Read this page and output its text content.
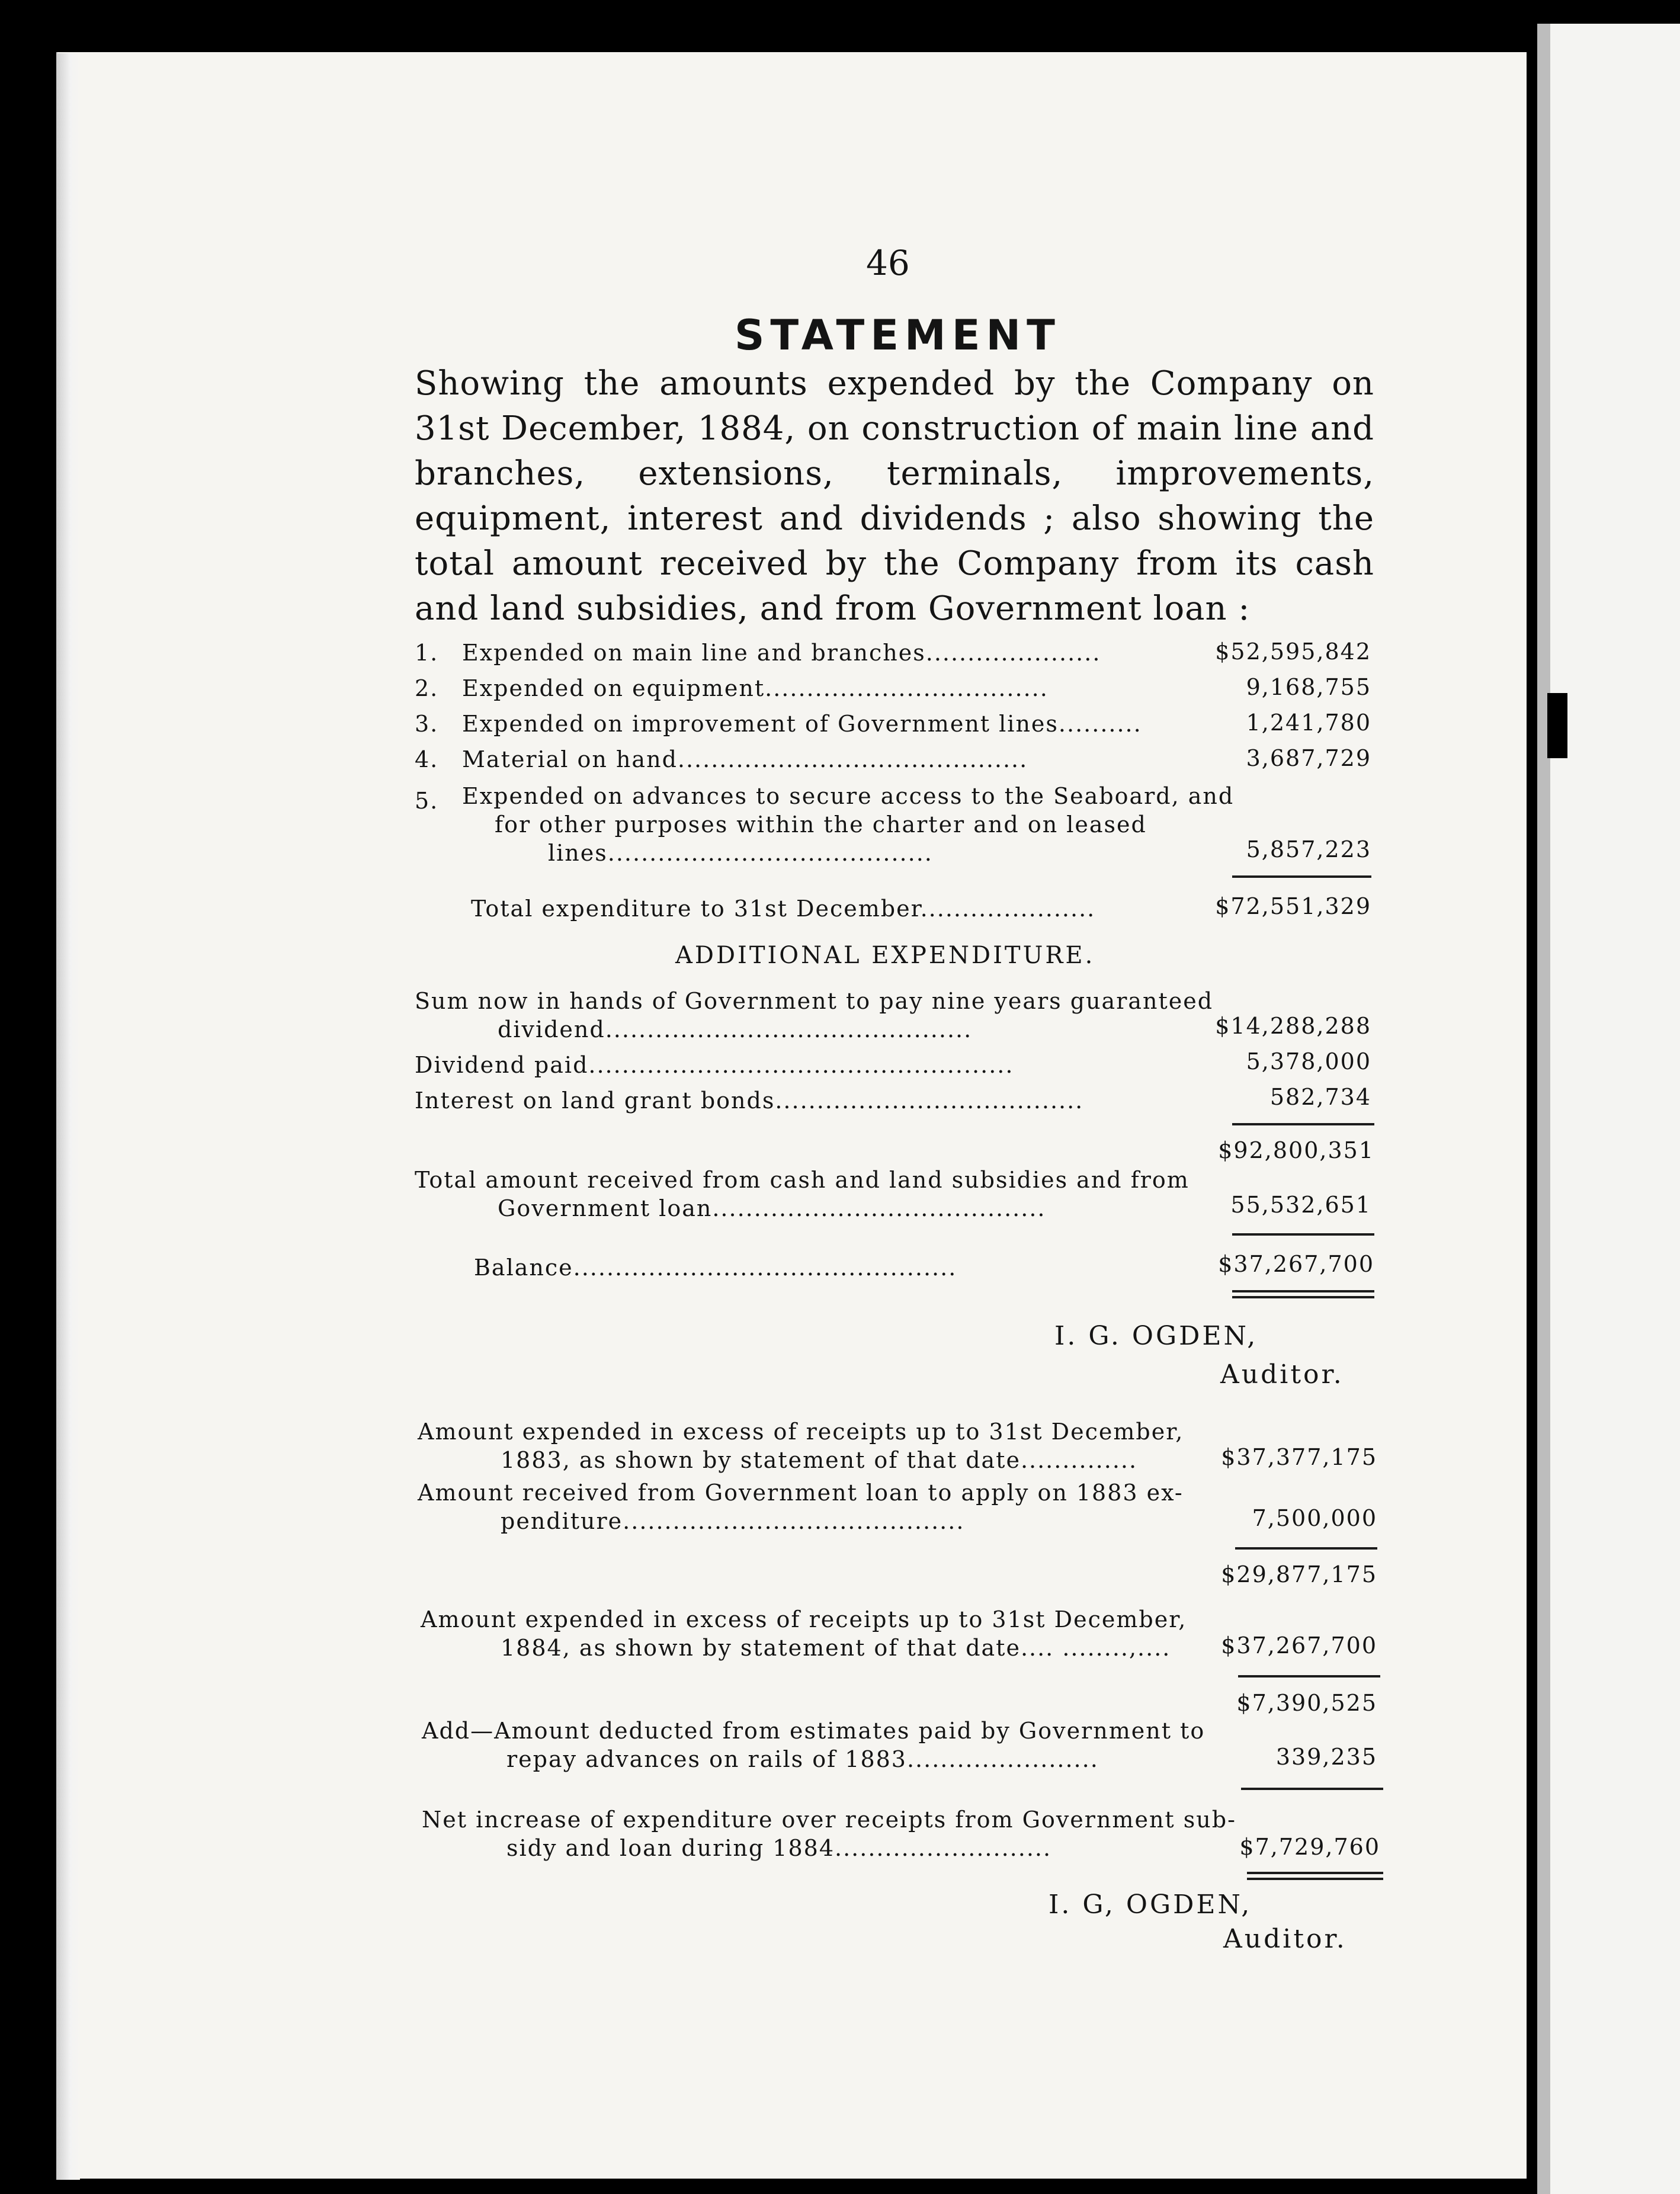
46
STATEMENT
Showing the amounts expended by the Company on 31st December, 1884, on construction of main line and branches, extensions, terminals, improvements, equipment, interest and dividends ; also showing the total amount received by the Company from its cash and land subsidies, and from Government loan :
1. Expended on main line and branches.....................	$52,595,842
2. Expended on equipment..................................	9,168,755
3. Expended on improvement of Government lines..........	1,241,780
4. Material on hand..........................................	3,687,729
5. Expended on advances to secure access to the Seaboard, and
for other purposes within the charter and on leased
lines.......................................	5,857,223
Total expenditure to 31st December.....................	$72,551,329
ADDITIONAL EXPENDITURE.
Sum now in hands of Government to pay nine years guaranteed
dividend............................................	$14,288,288
Dividend paid...................................................	5,378,000
Interest on land grant bonds.....................................	582,734
$92,800,351
Total amount received from cash and land subsidies and from
Government loan........................................	55,532,651
Balance..............................................	$37,267,700
I. G. OGDEN,
Auditor.
Amount expended in excess of receipts up to 31st December,
1883, as shown by statement of that date..............	$37,377,175
Amount received from Government loan to apply on 1883 ex-
penditure.........................................	7,500,000
$29,877,175
Amount expended in excess of receipts up to 31st December,
1884, as shown by statement of that date.... ........,....	$37,267,700
$7,390,525
Add—Amount deducted from estimates paid by Government to
repay advances on rails of 1883.......................	339,235
Net increase of expenditure over receipts from Government sub-
sidy and loan during 1884..........................	$7,729,760
I. G, OGDEN,
Auditor.
